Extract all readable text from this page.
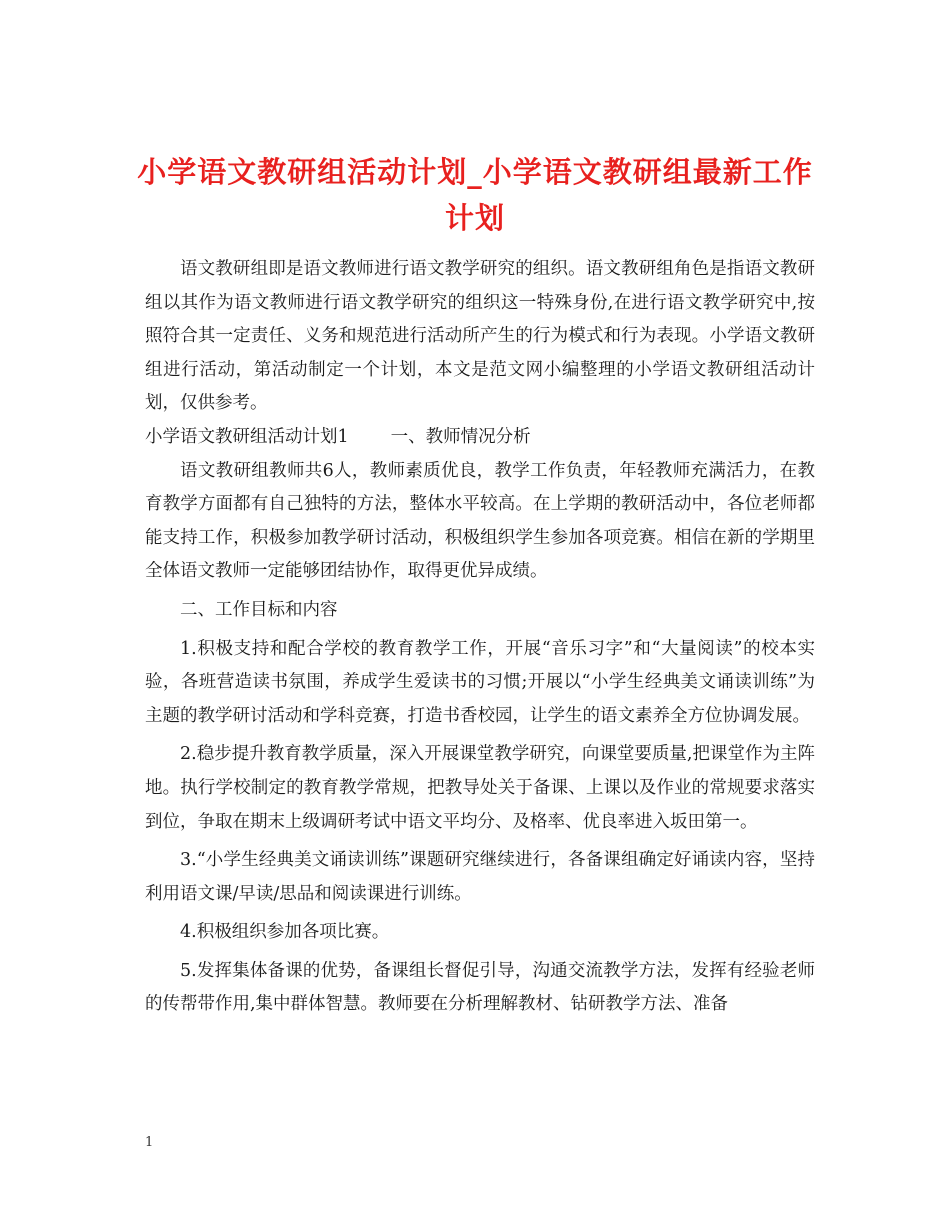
小学语文教研组活动计划_小学语文教研组最新工作计划

语文教研组即是语文教师进行语文教学研究的组织。语文教研组角色是指语文教研组以其作为语文教师进行语文教学研究的组织这一特殊身份,在进行语文教学研究中,按照符合其一定责任、义务和规范进行活动所产生的行为模式和行为表现。小学语文教研组进行活动，第活动制定一个计划，本文是范文网小编整理的小学语文教研组活动计划，仅供参考。

小学语文教研组活动计划1 一、教师情况分析

语文教研组教师共6人，教师素质优良，教学工作负责，年轻教师充满活力，在教育教学方面都有自己独特的方法，整体水平较高。在上学期的教研活动中，各位老师都能支持工作，积极参加教学研讨活动，积极组织学生参加各项竞赛。相信在新的学期里全体语文教师一定能够团结协作，取得更优异成绩。

二、工作目标和内容

1.积极支持和配合学校的教育教学工作，开展“音乐习字”和“大量阅读”的校本实验，各班营造读书氛围，养成学生爱读书的习惯;开展以“小学生经典美文诵读训练”为主题的教学研讨活动和学科竞赛，打造书香校园，让学生的语文素养全方位协调发展。

2.稳步提升教育教学质量，深入开展课堂教学研究，向课堂要质量,把课堂作为主阵地。执行学校制定的教育教学常规，把教导处关于备课、上课以及作业的常规要求落实到位，争取在期末上级调研考试中语文平均分、及格率、优良率进入坂田第一。

3.“小学生经典美文诵读训练”课题研究继续进行，各备课组确定好诵读内容，坚持利用语文课/早读/思品和阅读课进行训练。

4.积极组织参加各项比赛。

5.发挥集体备课的优势，备课组长督促引导，沟通交流教学方法，发挥有经验老师的传帮带作用,集中群体智慧。教师要在分析理解教材、钻研教学方法、准备

1
